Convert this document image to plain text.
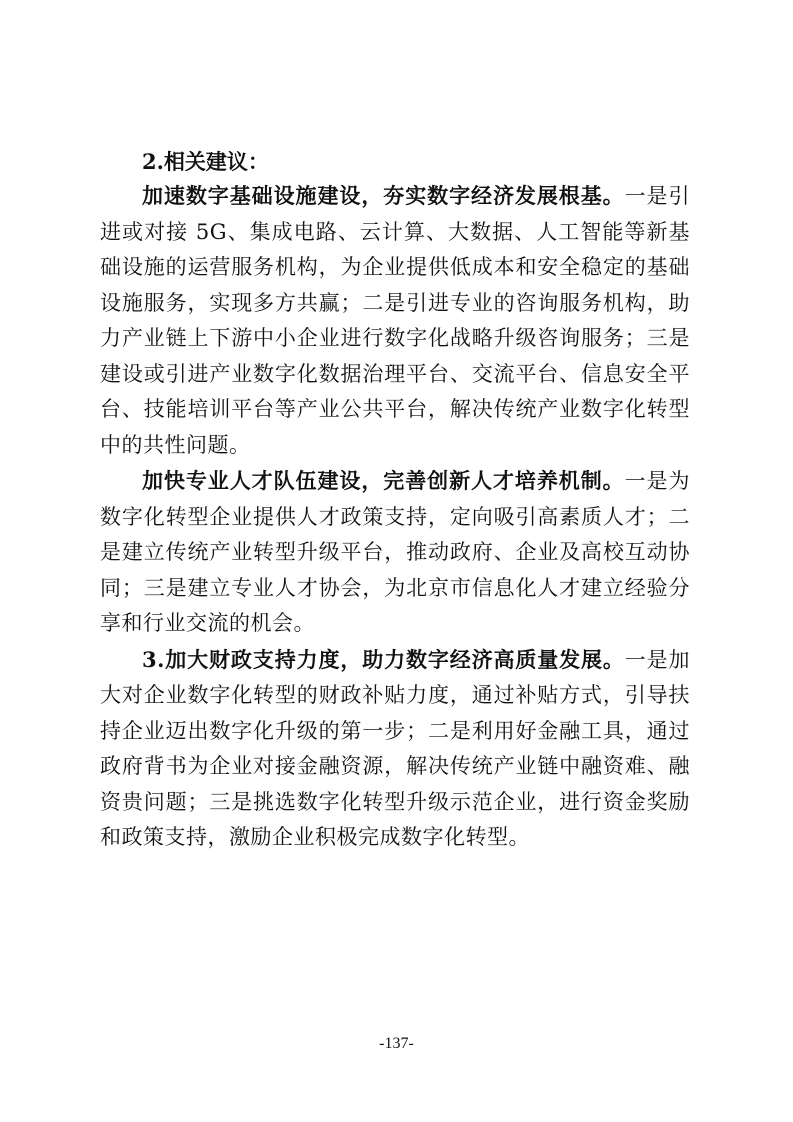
2.相关建议：

加速数字基础设施建设，夯实数字经济发展根基。一是引进或对接 5G、集成电路、云计算、大数据、人工智能等新基础设施的运营服务机构，为企业提供低成本和安全稳定的基础设施服务，实现多方共赢；二是引进专业的咨询服务机构，助力产业链上下游中小企业进行数字化战略升级咨询服务；三是建设或引进产业数字化数据治理平台、交流平台、信息安全平台、技能培训平台等产业公共平台，解决传统产业数字化转型中的共性问题。

加快专业人才队伍建设，完善创新人才培养机制。一是为数字化转型企业提供人才政策支持，定向吸引高素质人才；二是建立传统产业转型升级平台，推动政府、企业及高校互动协同；三是建立专业人才协会，为北京市信息化人才建立经验分享和行业交流的机会。

3.加大财政支持力度，助力数字经济高质量发展。一是加大对企业数字化转型的财政补贴力度，通过补贴方式，引导扶持企业迈出数字化升级的第一步；二是利用好金融工具，通过政府背书为企业对接金融资源，解决传统产业链中融资难、融资贵问题；三是挑选数字化转型升级示范企业，进行资金奖励和政策支持，激励企业积极完成数字化转型。

-137-
